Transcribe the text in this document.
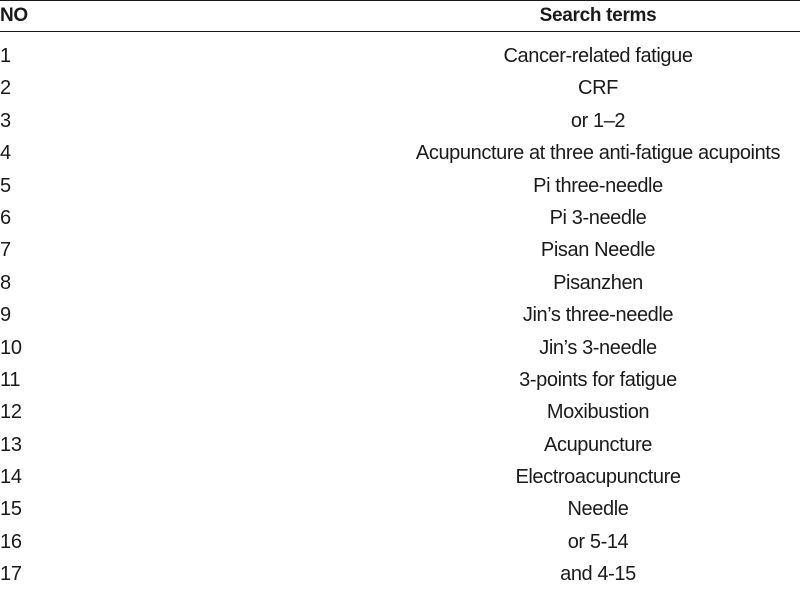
NO	Search terms
1	Cancer-related fatigue
2	CRF
3	or 1–2
4	Acupuncture at three anti-fatigue acupoints
5	Pi three-needle
6	Pi 3-needle
7	Pisan Needle
8	Pisanzhen
9	Jin’s three-needle
10	Jin’s 3-needle
11	3-points for fatigue
12	Moxibustion
13	Acupuncture
14	Electroacupuncture
15	Needle
16	or 5-14
17	and 4-15
